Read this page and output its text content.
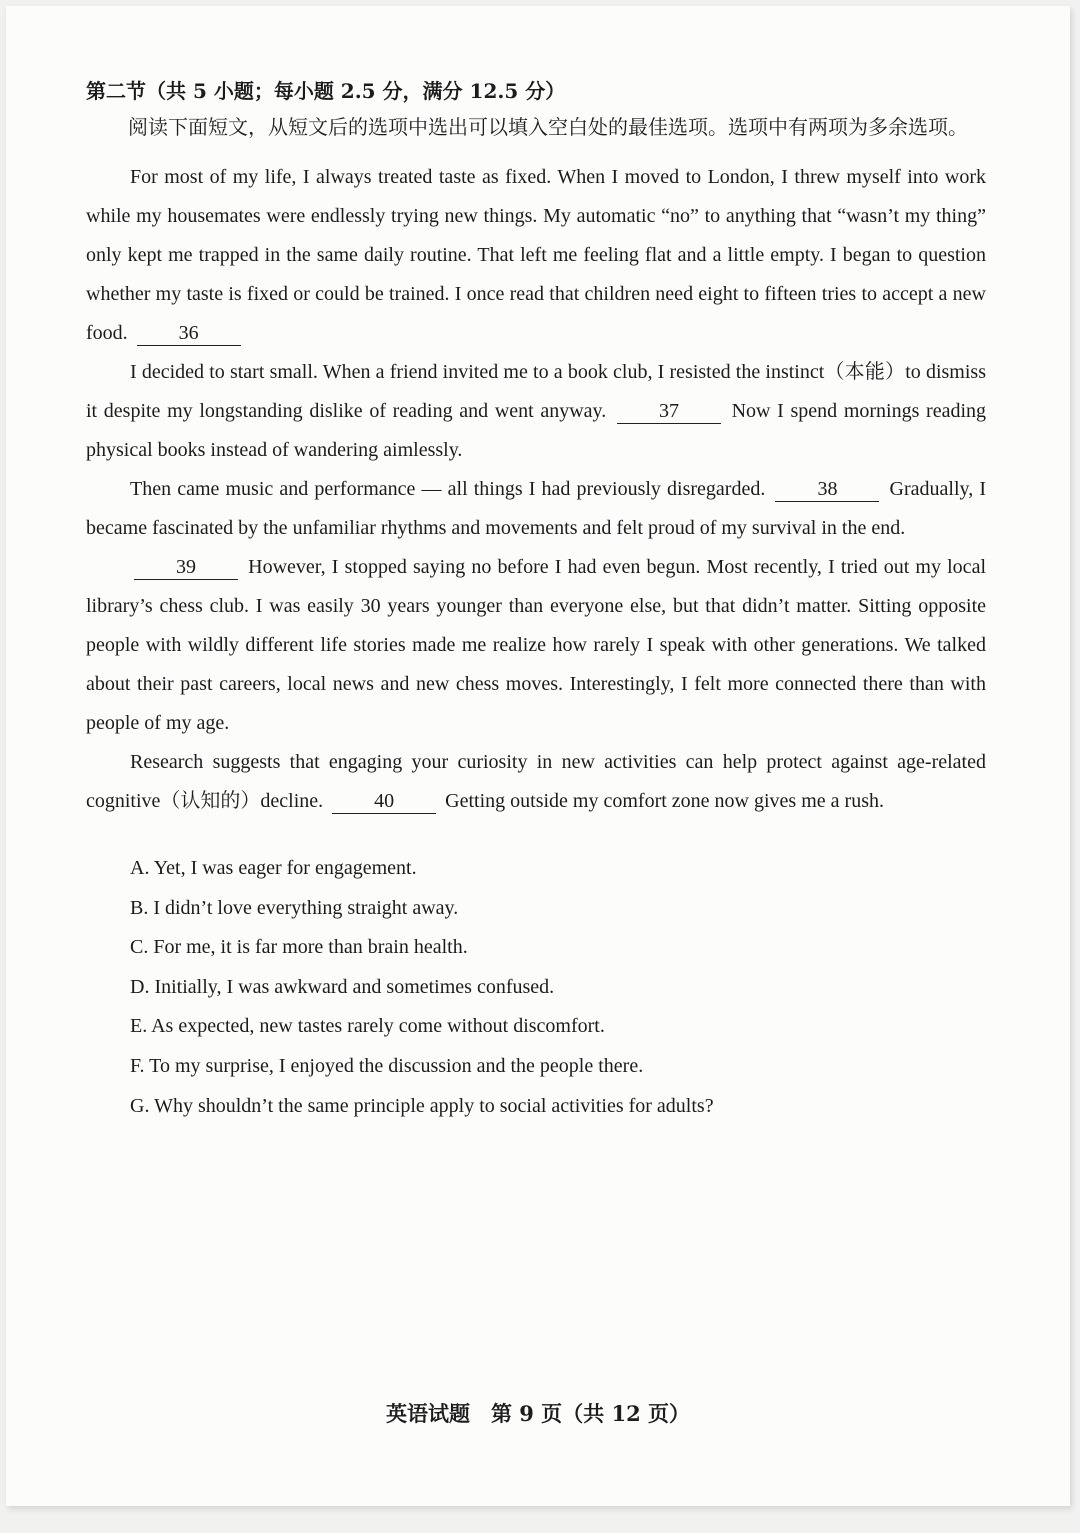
第二节（共 5 小题；每小题 2.5 分，满分 12.5 分）

阅读下面短文，从短文后的选项中选出可以填入空白处的最佳选项。选项中有两项为多余选项。

For most of my life, I always treated taste as fixed. When I moved to London, I threw myself into work while my housemates were endlessly trying new things. My automatic “no” to anything that “wasn’t my thing” only kept me trapped in the same daily routine. That left me feeling flat and a little empty. I began to question whether my taste is fixed or could be trained. I once read that children need eight to fifteen tries to accept a new food.	36

I decided to start small. When a friend invited me to a book club, I resisted the instinct（本能）to dismiss it despite my longstanding dislike of reading and went anyway.	37	Now I spend mornings reading physical books instead of wandering aimlessly.

Then came music and performance — all things I had previously disregarded.	38	Gradually, I became fascinated by the unfamiliar rhythms and movements and felt proud of my survival in the end.

39	However, I stopped saying no before I had even begun. Most recently, I tried out my local library’s chess club. I was easily 30 years younger than everyone else, but that didn’t matter. Sitting opposite people with wildly different life stories made me realize how rarely I speak with other generations. We talked about their past careers, local news and new chess moves. Interestingly, I felt more connected there than with people of my age.

Research suggests that engaging your curiosity in new activities can help protect against age-related cognitive（认知的）decline.	40	Getting outside my comfort zone now gives me a rush.

A. Yet, I was eager for engagement.

B. I didn’t love everything straight away.

C. For me, it is far more than brain health.

D. Initially, I was awkward and sometimes confused.

E. As expected, new tastes rarely come without discomfort.

F. To my surprise, I enjoyed the discussion and the people there.

G. Why shouldn’t the same principle apply to social activities for adults?

英语试题　第 9 页（共 12 页）
